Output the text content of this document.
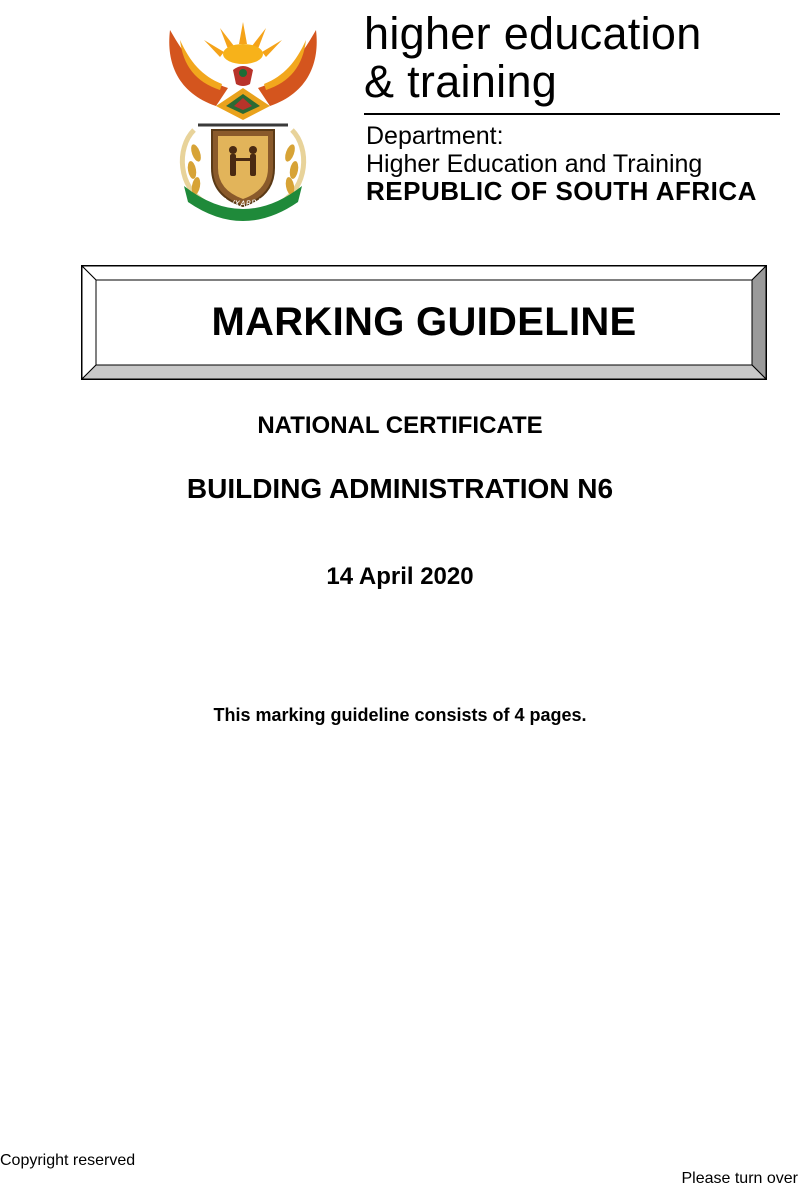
!KE E: /XARRA //KE
higher education
& training
Department:
Higher Education and Training
REPUBLIC OF SOUTH AFRICA
MARKING GUIDELINE
NATIONAL CERTIFICATE
BUILDING ADMINISTRATION N6
14 April 2020
This marking guideline consists of 4 pages.
Copyright reserved
Please turn over
